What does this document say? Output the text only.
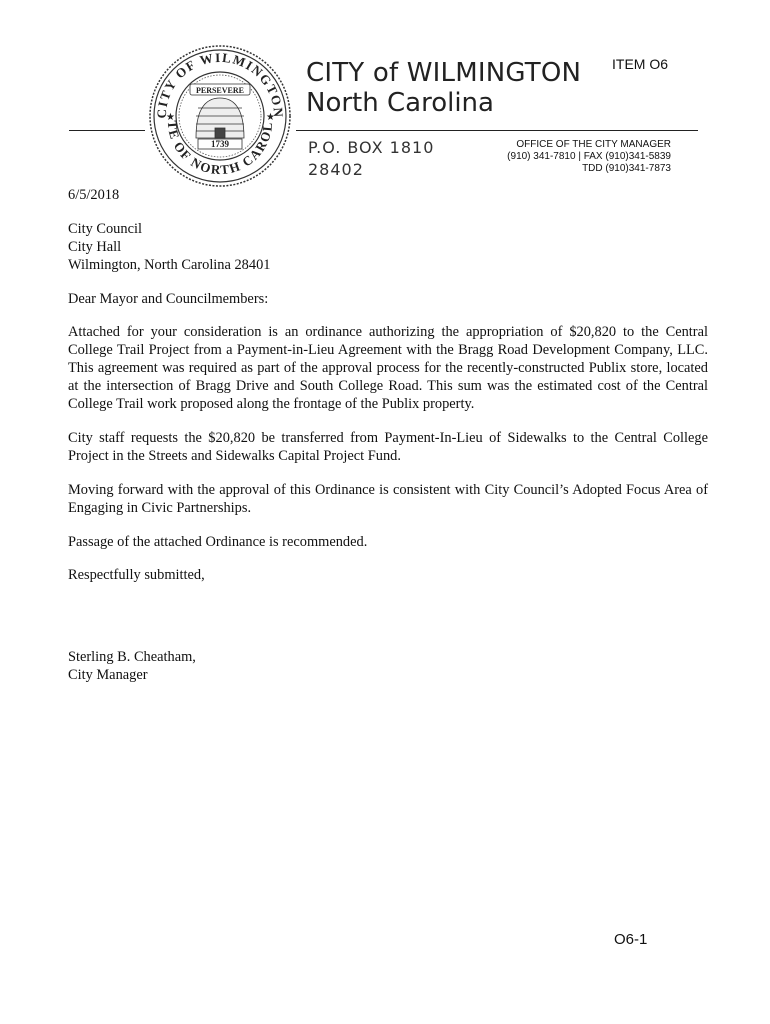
ITEM O6
CITY OF WILMINGTON
TE OF NORTH CAROL
★	★
PERSEVERE
1739
CITY of WILMINGTON
North Carolina
P.O. BOX 1810
28402
OFFICE OF THE CITY MANAGER
(910) 341-7810 | FAX (910)341-5839
TDD (910)341-7873

6/5/2018

City Council

City Hall

Wilmington, North Carolina 28401

Dear Mayor and Councilmembers:

Attached for your consideration is an ordinance authorizing the appropriation of $20,820 to the Central College Trail Project from a Payment-in-Lieu Agreement with the Bragg Road Development Company, LLC. This agreement was required as part of the approval process for the recently-constructed Publix store, located at the intersection of Bragg Drive and South College Road. This sum was the estimated cost of the Central College Trail work proposed along the frontage of the Publix property.

City staff requests the $20,820 be transferred from Payment-In-Lieu of Sidewalks to the Central College Project in the Streets and Sidewalks Capital Project Fund.

Moving forward with the approval of this Ordinance is consistent with City Council’s Adopted Focus Area of Engaging in Civic Partnerships.

Passage of the attached Ordinance is recommended.

Respectfully submitted,

Sterling B. Cheatham,

City Manager

O6-1
